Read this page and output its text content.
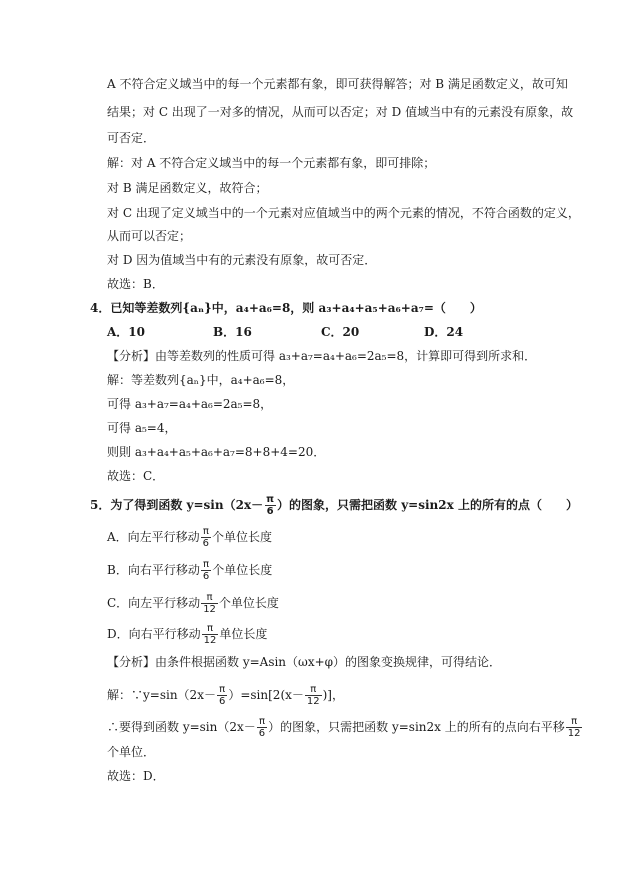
A 不符合定义域当中的每一个元素都有象，即可获得解答；对 B 满足函数定义，故可知
结果；对 C 出现了一对多的情况，从而可以否定；对 D 值域当中有的元素没有原象，故
可否定．
解：对 A 不符合定义域当中的每一个元素都有象，即可排除；
对 B 满足函数定义，故符合；
对 C 出现了定义域当中的一个元素对应值域当中的两个元素的情况，不符合函数的定义，
从而可以否定；
对 D 因为值域当中有的元素没有原象，故可否定．
故选：B．
4．已知等差数列{aₙ}中，a₄+a₆=8，则 a₃+a₄+a₅+a₆+a₇=（　　）
A．10	B．16	C．20	D．24
【分析】由等差数列的性质可得 a₃+a₇=a₄+a₆=2a₅=8，计算即可得到所求和．
解：等差数列{aₙ}中，a₄+a₆=8，
可得 a₃+a₇=a₄+a₆=2a₅=8，
可得 a₅=4，
则則 a₃+a₄+a₅+a₆+a₇=8+8+4=20．
故选：C．
5．为了得到函数 $y=\sin(2x- \frac{\pi}{6}$ ）的图象，只需把函数 y=sin2x 上的所有的点（　　）
A．向左平行移动 $\frac{\pi}{6}$ 个单位长度
B．向右平行移动 $\frac{\pi}{6}$ 个单位长度
C．向左平行移动 $\frac{\pi}{12}$ 个单位长度
D．向右平行移动 $\frac{\pi}{12}$ 单位长度
【分析】由条件根据函数 y=Asin（ωx+φ）的图象变换规律，可得结论．
解：∵y=sin（2x－ $\frac{\pi}{6} )=\sin[2(x- \frac{\pi}{12}$ )]，
∴要得到函数 $y=\sin(2x- \frac{\pi}{6}$ ）的图象，只需把函数 y=sin2x 上的所有的点向右平移 $\frac{\pi}{12}$
个单位．
故选：D．
